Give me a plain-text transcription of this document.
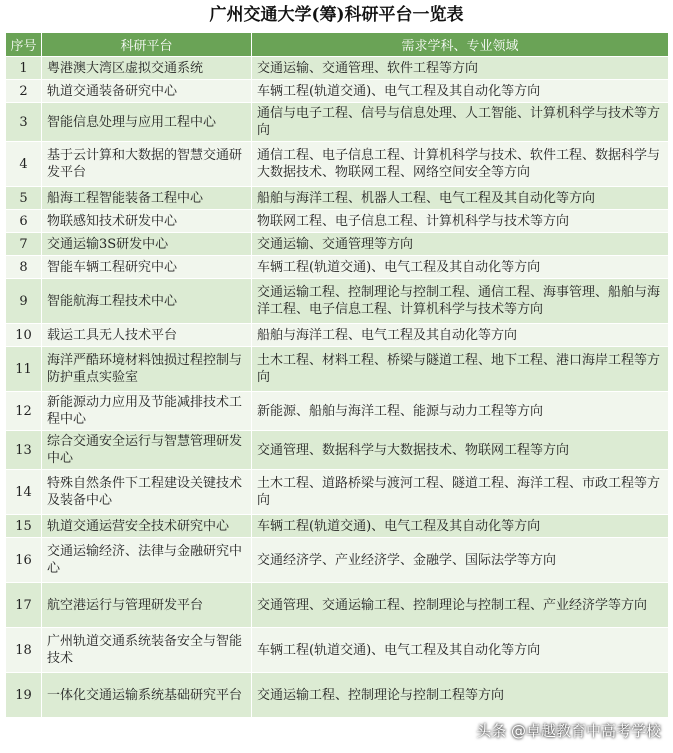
广州交通大学(筹)科研平台一览表
序号	科研平台	需求学科、专业领域
1	粤港澳大湾区虚拟交通系统	交通运输、交通管理、软件工程等方向
2	轨道交通装备研究中心	车辆工程(轨道交通)、电气工程及其自动化等方向
3	智能信息处理与应用工程中心	通信与电子工程、信号与信息处理、人工智能、计算机科学与技术等方向
4	基于云计算和大数据的智慧交通研发平台	通信工程、电子信息工程、计算机科学与技术、软件工程、数据科学与大数据技术、物联网工程、网络空间安全等方向
5	船海工程智能装备工程中心	船舶与海洋工程、机器人工程、电气工程及其自动化等方向
6	物联感知技术研发中心	物联网工程、电子信息工程、计算机科学与技术等方向
7	交通运输3S研发中心	交通运输、交通管理等方向
8	智能车辆工程研究中心	车辆工程(轨道交通)、电气工程及其自动化等方向
9	智能航海工程技术中心	交通运输工程、控制理论与控制工程、通信工程、海事管理、船舶与海洋工程、电子信息工程、计算机科学与技术等方向
10	载运工具无人技术平台	船舶与海洋工程、电气工程及其自动化等方向
11	海洋严酷环境材料蚀损过程控制与防护重点实验室	土木工程、材料工程、桥梁与隧道工程、地下工程、港口海岸工程等方向
12	新能源动力应用及节能减排技术工程中心	新能源、船舶与海洋工程、能源与动力工程等方向
13	综合交通安全运行与智慧管理研发中心	交通管理、数据科学与大数据技术、物联网工程等方向
14	特殊自然条件下工程建设关键技术及装备中心	土木工程、道路桥梁与渡河工程、隧道工程、海洋工程、市政工程等方向
15	轨道交通运营安全技术研究中心	车辆工程(轨道交通)、电气工程及其自动化等方向
16	交通运输经济、法律与金融研究中心	交通经济学、产业经济学、金融学、国际法学等方向
17	航空港运行与管理研发平台	交通管理、交通运输工程、控制理论与控制工程、产业经济学等方向
18	广州轨道交通系统装备安全与智能技术	车辆工程(轨道交通)、电气工程及其自动化等方向
19	一体化交通运输系统基础研究平台	交通运输工程、控制理论与控制工程等方向
头条 @卓越教育中高考学校
